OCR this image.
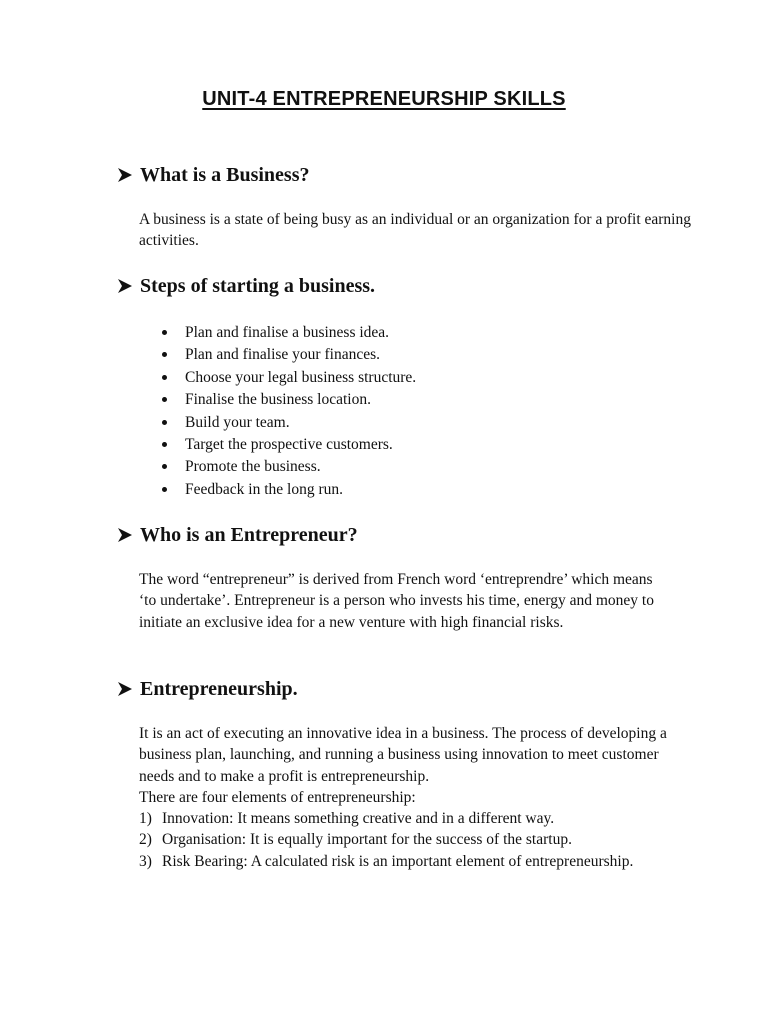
UNIT-4 ENTREPRENEURSHIP SKILLS
What is a Business?

A business is a state of being busy as an individual or an organization for a profit earning activities.

Steps of starting a business.
Plan and finalise a business idea.
Plan and finalise your finances.
Choose your legal business structure.
Finalise the business location.
Build your team.
Target the prospective customers.
Promote the business.
Feedback in the long run.
Who is an Entrepreneur?

The word “entrepreneur” is derived from French word ‘entreprendre’ which means ‘to undertake’. Entrepreneur is a person who invests his time, energy and money to initiate an exclusive idea for a new venture with high financial risks.

Entrepreneurship.

It is an act of executing an innovative idea in a business. The process of developing a business plan, launching, and running a business using innovation to meet customer needs and to make a profit is entrepreneurship.

There are four elements of entrepreneurship:

1) Innovation: It means something creative and in a different way.
2) Organisation: It is equally important for the success of the startup.
3) Risk Bearing: A calculated risk is an important element of entrepreneurship.
